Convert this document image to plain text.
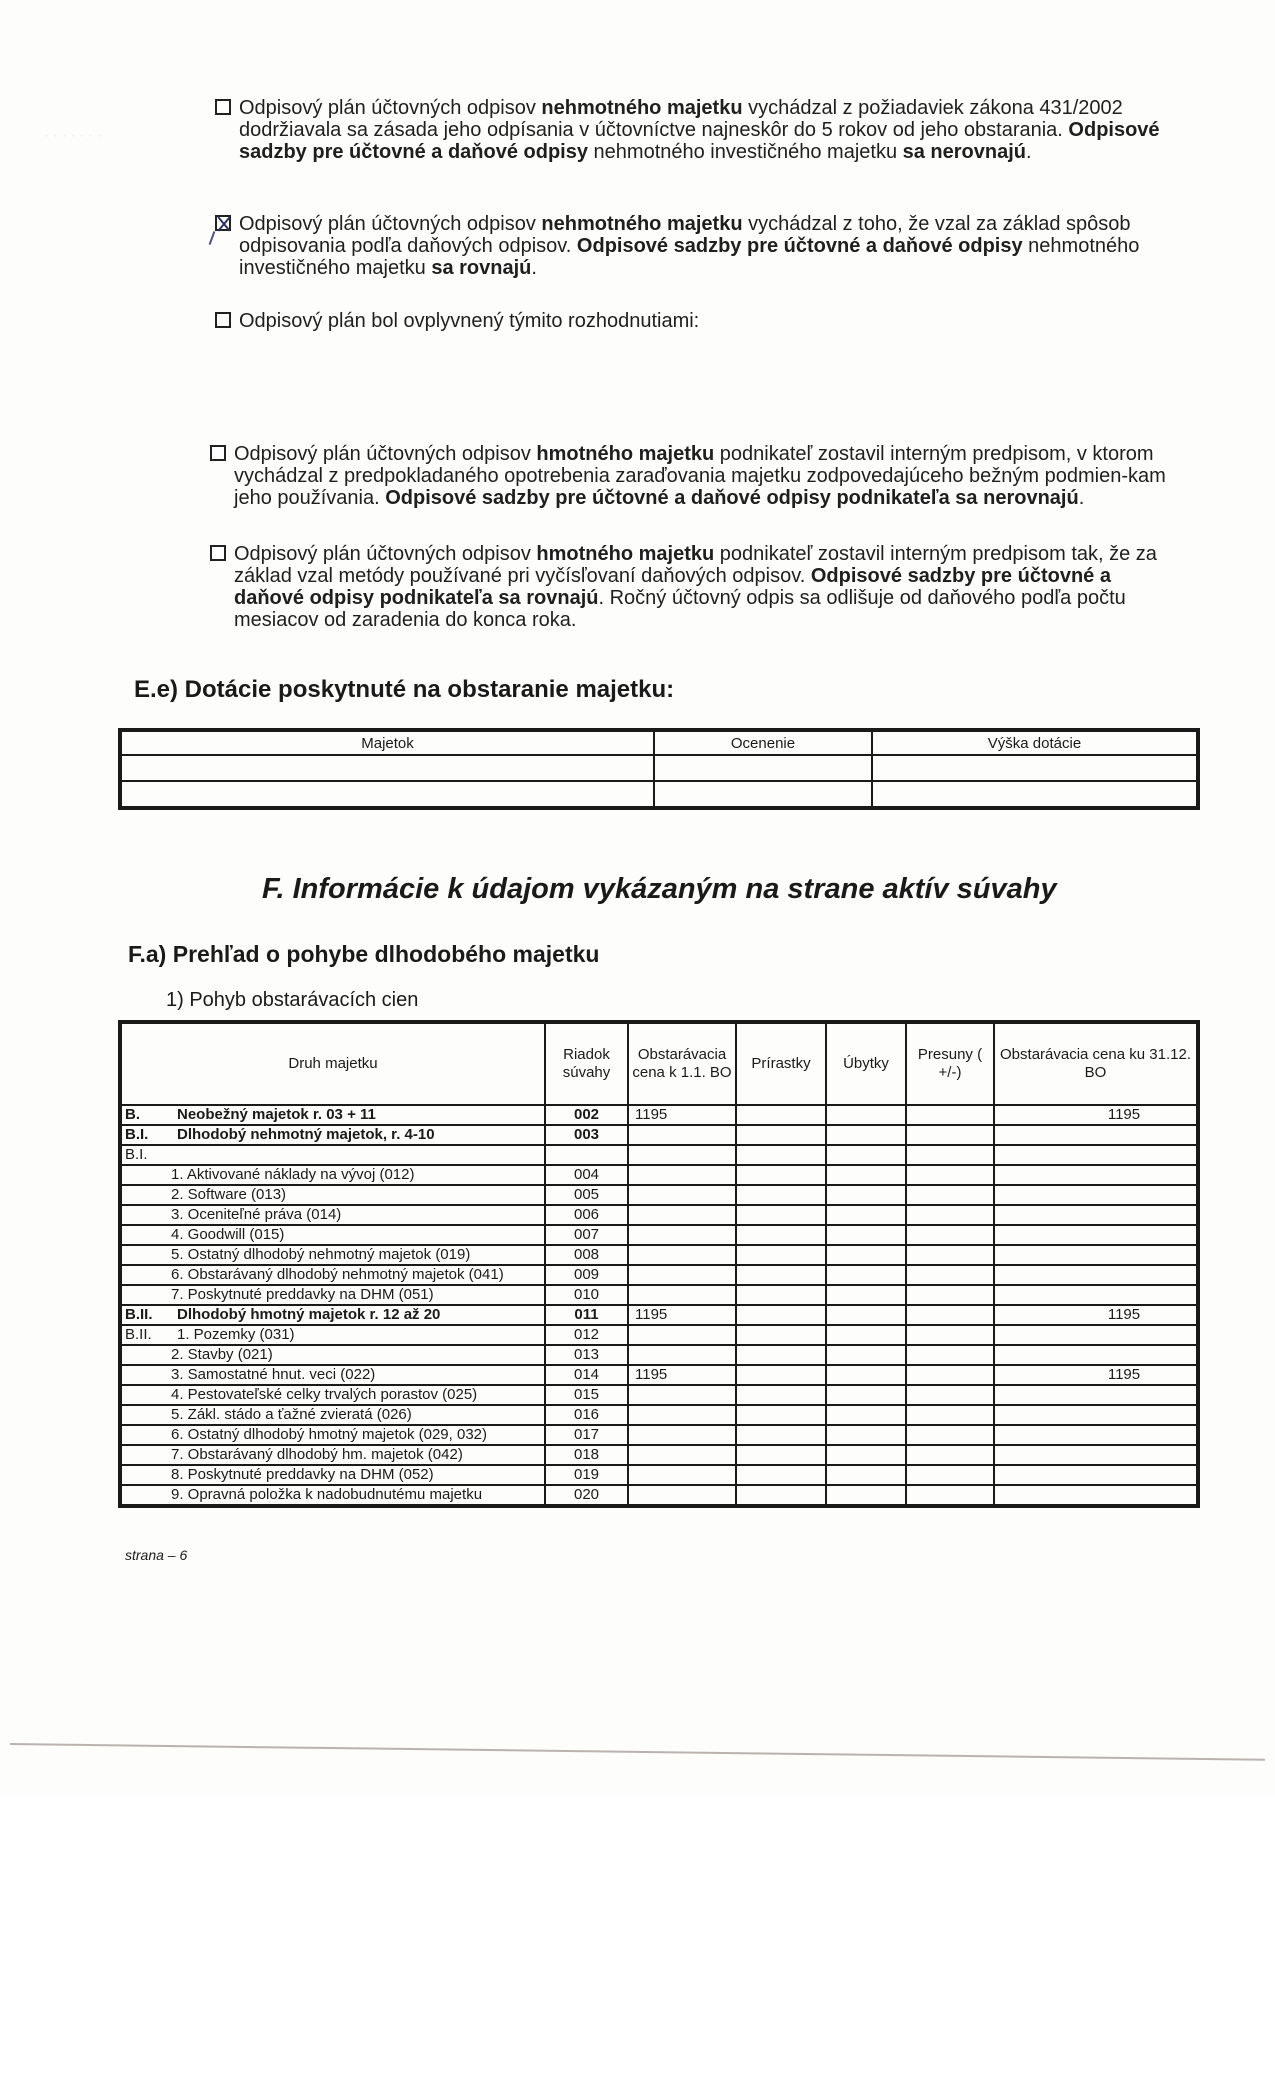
· · · · · · ·
Odpisový plán účtovných odpisov nehmotného majetku vychádzal z požiadaviek zákona 431/2002 dodržiavala sa zásada jeho odpísania v účtovníctve najneskôr do 5 rokov od jeho obstarania. Odpisové sadzby pre účtovné a daňové odpisy nehmotného investičného majetku sa nerovnajú.
Odpisový plán účtovných odpisov nehmotného majetku vychádzal z toho, že vzal za základ spôsob odpisovania podľa daňových odpisov. Odpisové sadzby pre účtovné a daňové odpisy nehmotného investičného majetku sa rovnajú.
Odpisový plán bol ovplyvnený týmito rozhodnutiami:
Odpisový plán účtovných odpisov hmotného majetku podnikateľ zostavil interným predpisom, v ktorom vychádzal z predpokladaného opotrebenia zaraďovania majetku zodpovedajúceho bežným podmien-kam jeho používania. Odpisové sadzby pre účtovné a daňové odpisy podnikateľa sa nerovnajú.
Odpisový plán účtovných odpisov hmotného majetku podnikateľ zostavil interným predpisom tak, že za základ vzal metódy používané pri vyčísľovaní daňových odpisov. Odpisové sadzby pre účtovné a daňové odpisy podnikateľa sa rovnajú. Ročný účtovný odpis sa odlišuje od daňového podľa počtu mesiacov od zaradenia do konca roka.
E.e) Dotácie poskytnuté na obstaranie majetku:
Majetok	Ocenenie	Výška dotácie

F. Informácie k údajom vykázaným na strane aktív súvahy
F.a) Prehľad o pohybe dlhodobého majetku
1) Pohyb obstarávacích cien
Druh majetku	Riadok súvahy	Obstarávacia cena k 1.1. BO	Prírastky	Úbytky	Presuny ( +/-)	Obstarávacia cena ku 31.12. BO
B. Neobežný majetok r. 03 + 11	002	1195				1195
B.I. Dlhodobý nehmotný majetok, r. 4-10	003					
B.I.						
1. Aktivované náklady na vývoj (012)	004					
2. Software (013)	005					
3. Oceniteľné práva (014)	006					
4. Goodwill (015)	007					
5. Ostatný dlhodobý nehmotný majetok (019)	008					
6. Obstarávaný dlhodobý nehmotný majetok (041)	009					
7. Poskytnuté preddavky na DHM (051)	010					
B.II. Dlhodobý hmotný majetok r. 12 až 20	011	1195				1195
B.II. 1. Pozemky (031)	012					
2. Stavby (021)	013					
3. Samostatné hnut. veci (022)	014	1195				1195
4. Pestovateľské celky trvalých porastov (025)	015					
5. Zákl. stádo a ťažné zvieratá (026)	016					
6. Ostatný dlhodobý hmotný majetok (029, 032)	017					
7. Obstarávaný dlhodobý hm. majetok (042)	018					
8. Poskytnuté preddavky na DHM (052)	019					
9. Opravná položka k nadobudnutému majetku	020					
strana – 6
